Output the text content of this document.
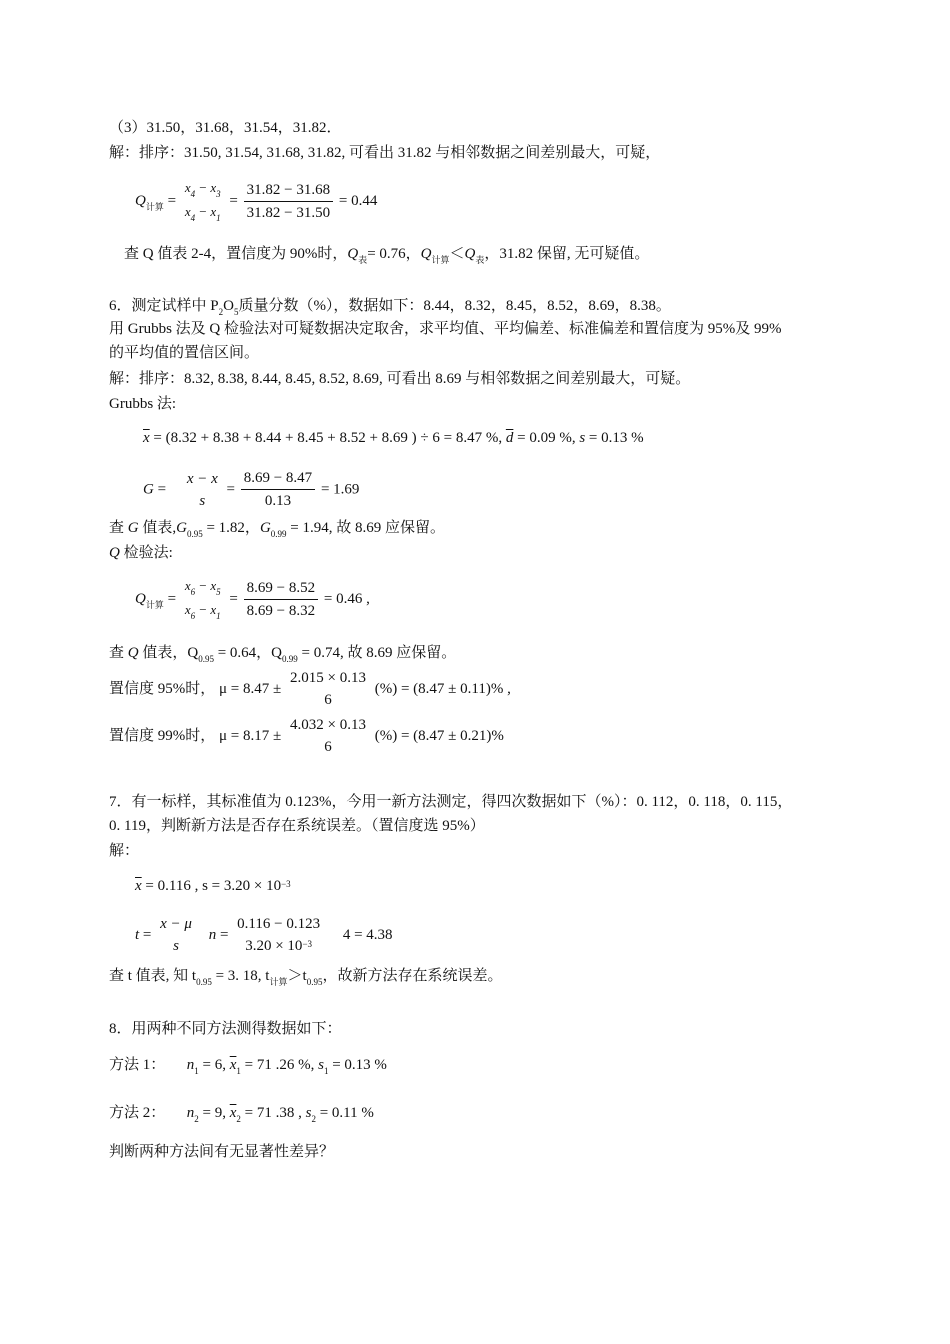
（3）31.50，31.68，31.54，31.82．
解：排序：31.50, 31.54, 31.68, 31.82, 可看出 31.82 与相邻数据之间差别最大，可疑，
$Q_{计算}$ =
$x_4 - x_3$
$x_4 - x_1$
= $\frac{31.82 - 31.68}{31.82 - 31.50} = 0.44$
查 Q 值表 2-4，置信度为 90%时，$Q_表= 0.76$，$Q_{计算}<Q_表$，31.82 保留, 无可疑值。
6．测定试样中 $P_2O_5$质量分数（%），数据如下：8.44，8.32，8.45，8.52，8.69，8.38。
用 Grubbs 法及 Q 检验法对可疑数据决定取舍，求平均值、平均偏差、标准偏差和置信度为 95%及 99%
的平均值的置信区间。
解：排序：8.32, 8.38, 8.44, 8.45, 8.52, 8.69, 可看出 8.69 与相邻数据之间差别最大，可疑。
Grubbs 法:
$\overline{x} = (8.32 + 8.38 + 8.44 + 8.45 + 8.52 + 8.69$ ) ÷ 6 = 8.47 %, $\overline{d} = 0.09$ %, s = 0.13 %
G =
x − x
s
= $\frac{8.69 - 8.47}{0.13} = 1.69$
查 G 值表$,G_{0.95} = 1.82$，$G_{0.99} = 1.94$, 故 8.69 应保留。
Q 检验法:
$Q_{计算}$ =
$x_6 - x_5$
$x_6 - x_1$
= $\frac{8.69 - 8.52}{8.69 - 8.32} = 0.46$ ,
查 Q 值表，$Q_{0.95} = 0.64$，$Q_{0.99} = 0.74$, 故 8.69 应保留。
置信度 95%时， μ = 8.47 ±
2.015 × 0.13
6
(%) = (8.47 ± 0.11)% ,
置信度 99%时， μ = 8.17 ±
4.032 × 0.13
6
(%) = (8.47 ± 0.21)%
7．有一标样，其标准值为 0.123%，今用一新方法测定，得四次数据如下（%）：0. 112，0. 118，0. 115，
0. 119，判断新方法是否存在系统误差。（置信度选 95%）
解：
$\overline{x} = 0.116$ , $s = 3.20 \times 10^{-3}$
t =
x − μ
s
n =
0.116 − 0.123
$3.20 \times 10^{-3}$
4 = 4.38
查 t 值表, 知 $t_{0.95} = 3$. 18, $t_{计算}>t_{0.95}$，故新方法存在系统误差。
8．用两种不同方法测得数据如下：
方法 1： $n_1 = 6$, $\overline{x}_1 = 71$ .26 %, $s_1 = 0.13$ %
方法 2： $n_2 = 9$, $\overline{x}_2 = 71$ .38 , $s_2 = 0.11$ %
判断两种方法间有无显著性差异？
